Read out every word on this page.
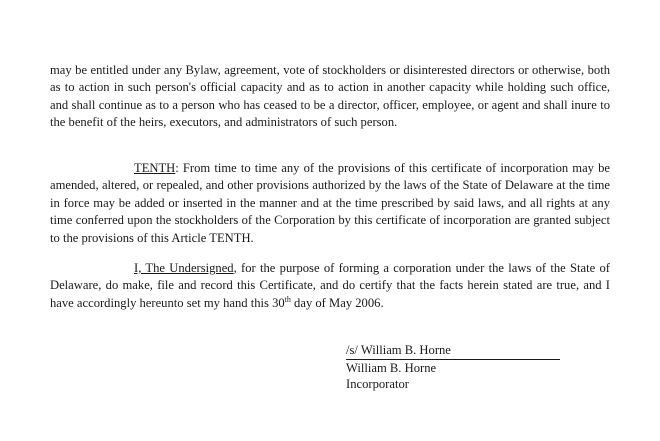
may be entitled under any Bylaw, agreement, vote of stockholders or disinterested directors or otherwise, both as to action in such person's official capacity and as to action in another capacity while holding such office, and shall continue as to a person who has ceased to be a director, officer, employee, or agent and shall inure to the benefit of the heirs, executors, and administrators of such person.

TENTH: From time to time any of the provisions of this certificate of incorporation may be amended, altered, or repealed, and other provisions authorized by the laws of the State of Delaware at the time in force may be added or inserted in the manner and at the time prescribed by said laws, and all rights at any time conferred upon the stockholders of the Corporation by this certificate of incorporation are granted subject to the provisions of this Article TENTH.

I, The Undersigned, for the purpose of forming a corporation under the laws of the State of Delaware, do make, file and record this Certificate, and do certify that the facts herein stated are true, and I have accordingly hereunto set my hand this 30th day of May 2006.

/s/ William B. Horne
William B. Horne
Incorporator
